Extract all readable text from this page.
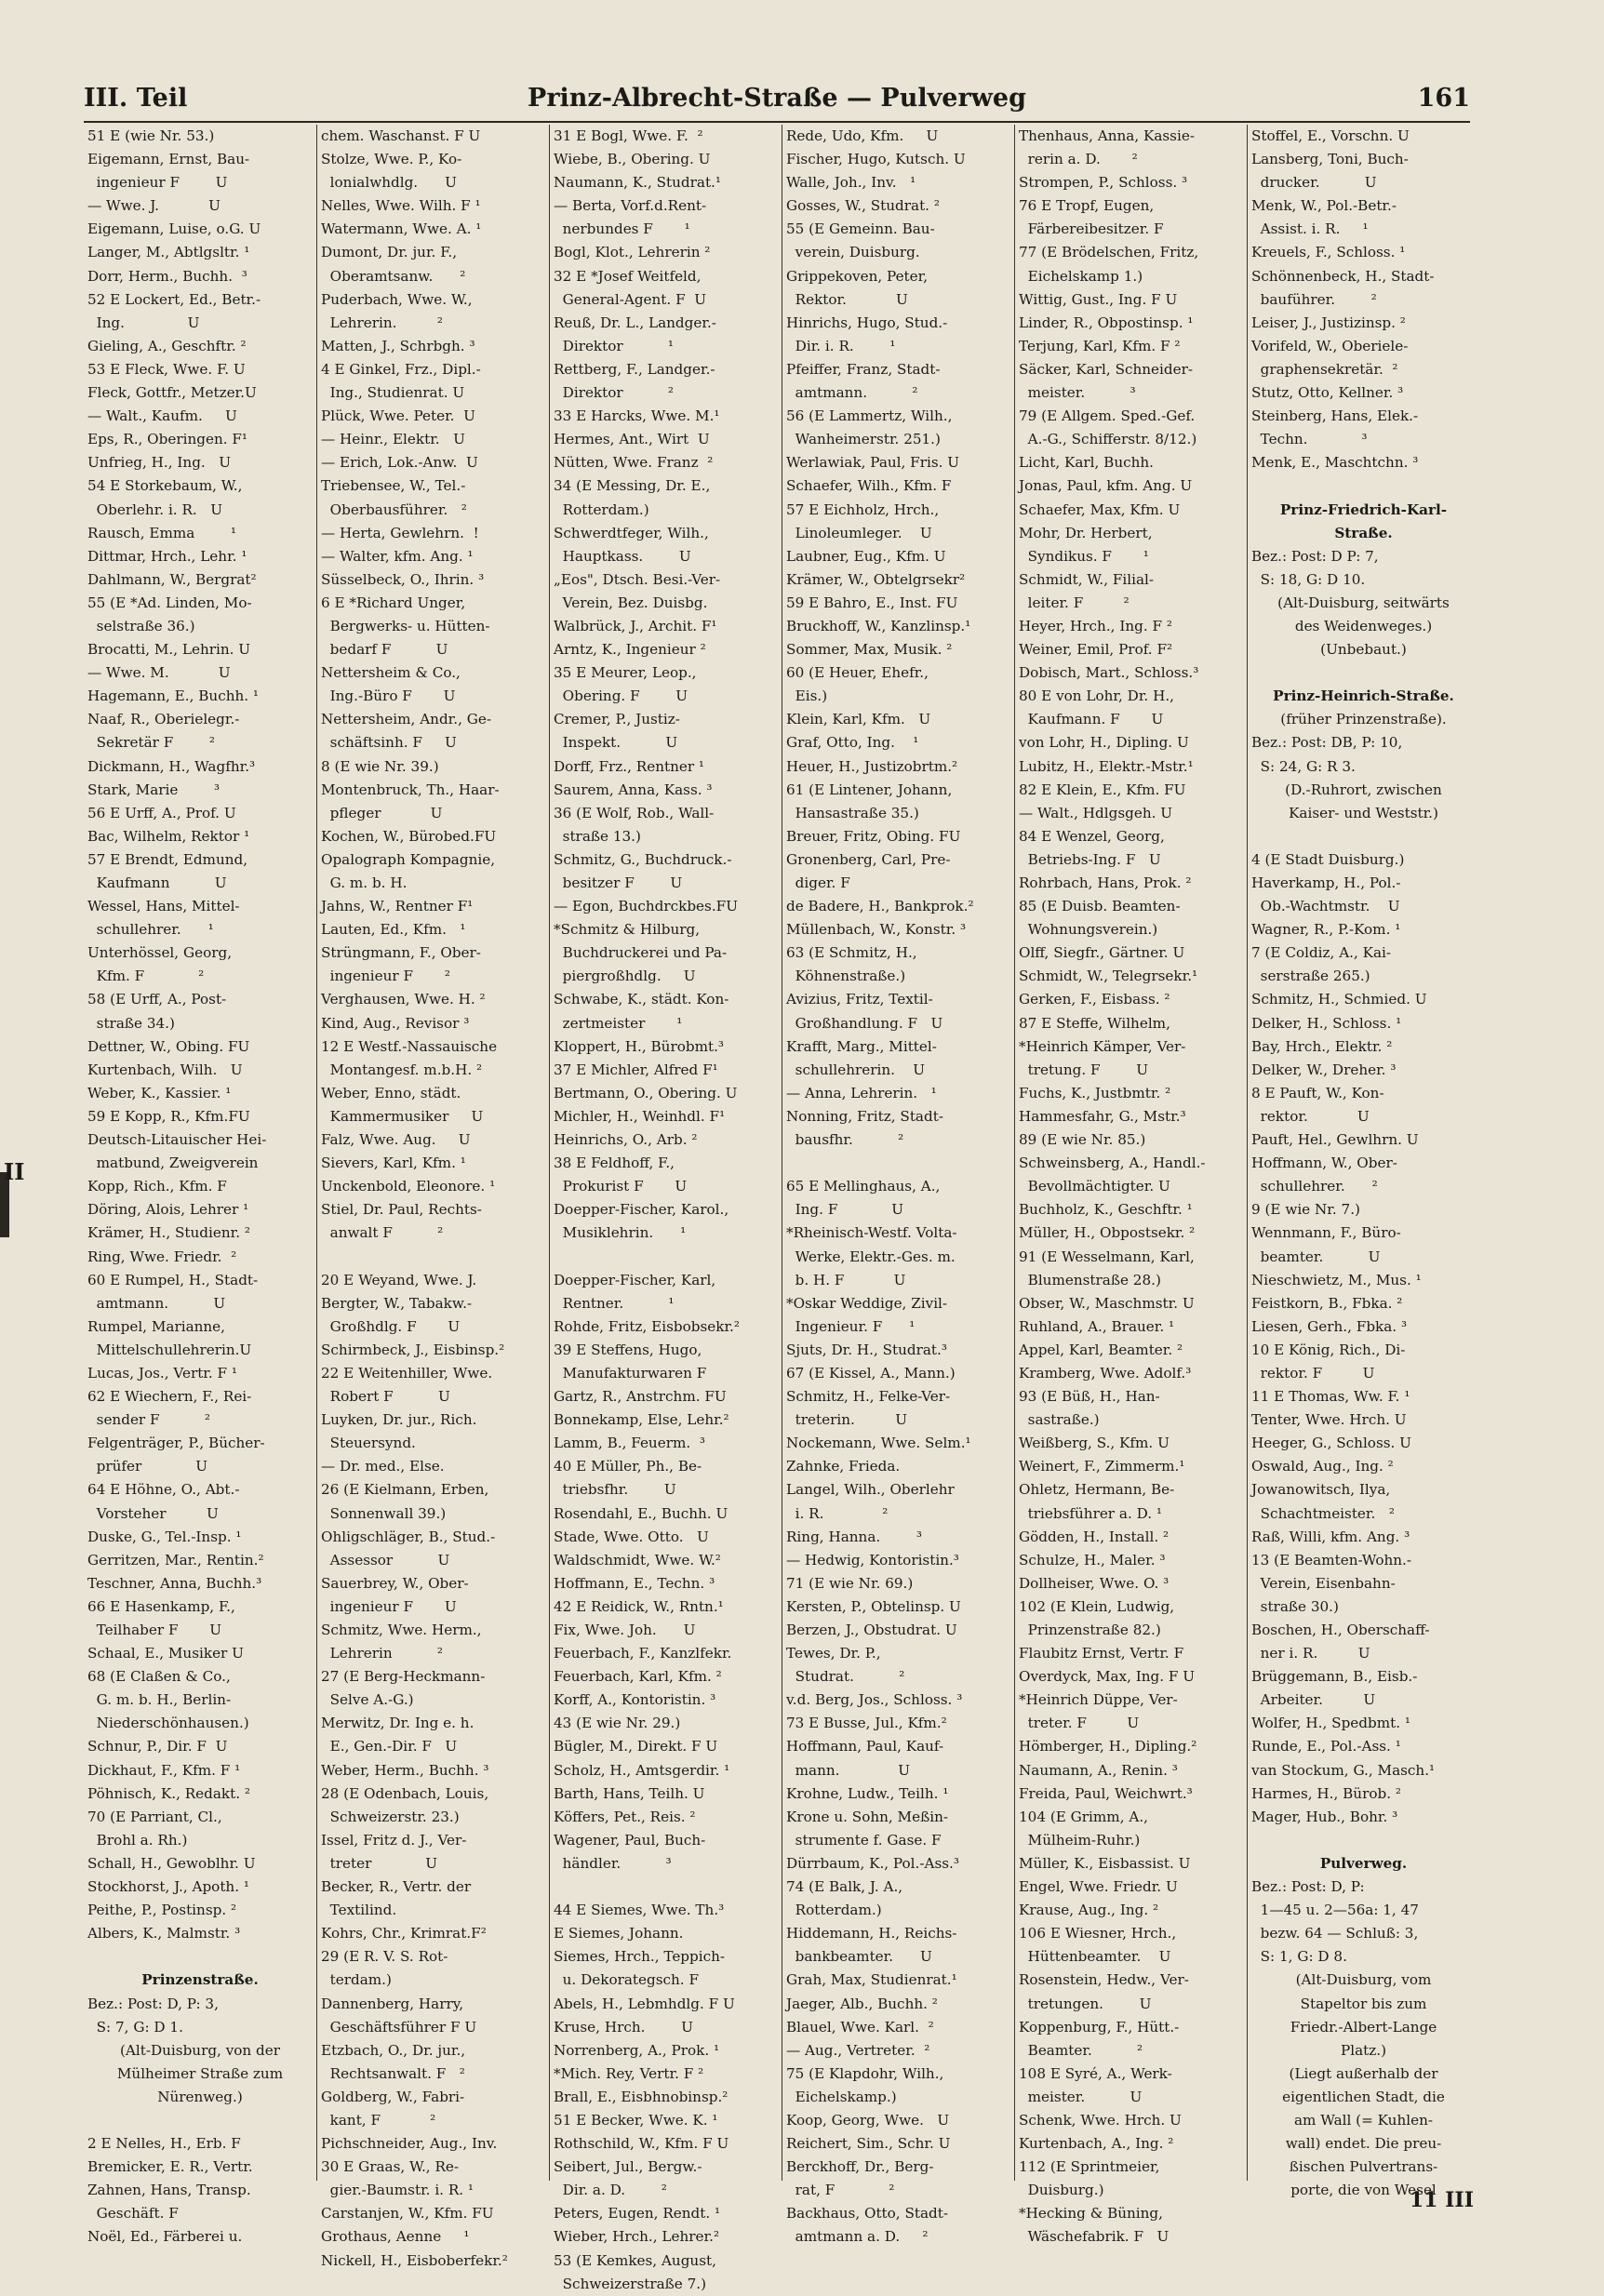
III. Teil	Prinz-Albrecht-Straße — Pulverweg	161
II
51 E (wie Nr. 53.)
Eigemann, Ernst, Bau-
ingenieur F        U
— Wwe. J.           U
Eigemann, Luise, o.G. U
Langer, M., Abtlgsltr. ¹
Dorr, Herm., Buchh.  ³
52 E Lockert, Ed., Betr.-
Ing.              U
Gieling, A., Geschftr. ²
53 E Fleck, Wwe. F. U
Fleck, Gottfr., Metzer.U
— Walt., Kaufm.     U
Eps, R., Oberingen. F¹
Unfrieg, H., Ing.   U
54 E Storkebaum, W.,
Oberlehr. i. R.   U
Rausch, Emma        ¹
Dittmar, Hrch., Lehr. ¹
Dahlmann, W., Bergrat²
55 (E *Ad. Linden, Mo-
selstraße 36.)
Brocatti, M., Lehrin. U
— Wwe. M.           U
Hagemann, E., Buchh. ¹
Naaf, R., Oberielegr.-
Sekretär F        ²
Dickmann, H., Wagfhr.³
Stark, Marie        ³
56 E Urff, A., Prof. U
Bac, Wilhelm, Rektor ¹
57 E Brendt, Edmund,
Kaufmann          U
Wessel, Hans, Mittel-
schullehrer.      ¹
Unterhössel, Georg,
Kfm. F            ²
58 (E Urff, A., Post-
straße 34.)
Dettner, W., Obing. FU
Kurtenbach, Wilh.   U
Weber, K., Kassier. ¹
59 E Kopp, R., Kfm.FU
Deutsch-Litauischer Hei-
matbund, Zweigverein
Kopp, Rich., Kfm. F
Döring, Alois, Lehrer ¹
Krämer, H., Studienr. ²
Ring, Wwe. Friedr.  ²
60 E Rumpel, H., Stadt-
amtmann.          U
Rumpel, Marianne,
Mittelschullehrerin.U
Lucas, Jos., Vertr. F ¹
62 E Wiechern, F., Rei-
sender F          ²
Felgenträger, P., Bücher-
prüfer            U
64 E Höhne, O., Abt.-
Vorsteher         U
Duske, G., Tel.-Insp. ¹
Gerritzen, Mar., Rentin.²
Teschner, Anna, Buchh.³
66 E Hasenkamp, F.,
Teilhaber F       U
Schaal, E., Musiker U
68 (E Claßen & Co.,
G. m. b. H., Berlin-
Niederschönhausen.)
Schnur, P., Dir. F  U
Dickhaut, F., Kfm. F ¹
Pöhnisch, K., Redakt. ²
70 (E Parriant, Cl.,
Brohl a. Rh.)
Schall, H., Gewoblhr. U
Stockhorst, J., Apoth. ¹
Peithe, P., Postinsp. ²
Albers, K., Malmstr. ³
Prinzenstraße.
Bez.: Post: D, P: 3,
S: 7, G: D 1.
(Alt-Duisburg, von der
Mülheimer Straße zum
Nürenweg.)
2 E Nelles, H., Erb. F
Bremicker, E. R., Vertr.
Zahnen, Hans, Transp.
Geschäft. F
Noël, Ed., Färberei u.
chem. Waschanst. F U
Stolze, Wwe. P., Ko-
lonialwhdlg.      U
Nelles, Wwe. Wilh. F ¹
Watermann, Wwe. A. ¹
Dumont, Dr. jur. F.,
Oberamtsanw.      ²
Puderbach, Wwe. W.,
Lehrerin.         ²
Matten, J., Schrbgh. ³
4 E Ginkel, Frz., Dipl.-
Ing., Studienrat. U
Plück, Wwe. Peter.  U
— Heinr., Elektr.   U
— Erich, Lok.-Anw.  U
Triebensee, W., Tel.-
Oberbausführer.   ²
— Herta, Gewlehrn.  !
— Walter, kfm. Ang. ¹
Süsselbeck, O., Ihrin. ³
6 E *Richard Unger,
Bergwerks- u. Hütten-
bedarf F          U
Nettersheim & Co.,
Ing.-Büro F       U
Nettersheim, Andr., Ge-
schäftsinh. F     U
8 (E wie Nr. 39.)
Montenbruck, Th., Haar-
pfleger           U
Kochen, W., Bürobed.FU
Opalograph Kompagnie,
G. m. b. H.
Jahns, W., Rentner F¹
Lauten, Ed., Kfm.   ¹
Strüngmann, F., Ober-
ingenieur F       ²
Verghausen, Wwe. H. ²
Kind, Aug., Revisor ³
12 E Westf.-Nassauische
Montangesf. m.b.H. ²
Weber, Enno, städt.
Kammermusiker     U
Falz, Wwe. Aug.     U
Sievers, Karl, Kfm. ¹
Unckenbold, Eleonore. ¹
Stiel, Dr. Paul, Rechts-
anwalt F          ²
20 E Weyand, Wwe. J.
Bergter, W., Tabakw.-
Großhdlg. F       U
Schirmbeck, J., Eisbinsp.²
22 E Weitenhiller, Wwe.
Robert F          U
Luyken, Dr. jur., Rich.
Steuersynd.
— Dr. med., Else.
26 (E Kielmann, Erben,
Sonnenwall 39.)
Ohligschläger, B., Stud.-
Assessor          U
Sauerbrey, W., Ober-
ingenieur F       U
Schmitz, Wwe. Herm.,
Lehrerin          ²
27 (E Berg-Heckmann-
Selve A.-G.)
Merwitz, Dr. Ing e. h.
E., Gen.-Dir. F   U
Weber, Herm., Buchh. ³
28 (E Odenbach, Louis,
Schweizerstr. 23.)
Issel, Fritz d. J., Ver-
treter            U
Becker, R., Vertr. der
Textilind.
Kohrs, Chr., Krimrat.F²
29 (E R. V. S. Rot-
terdam.)
Dannenberg, Harry,
Geschäftsführer F U
Etzbach, O., Dr. jur.,
Rechtsanwalt. F   ²
Goldberg, W., Fabri-
kant, F           ²
Pichschneider, Aug., Inv.
30 E Graas, W., Re-
gier.-Baumstr. i. R. ¹
Carstanjen, W., Kfm. FU
Grothaus, Aenne     ¹
Nickell, H., Eisboberfekr.²
31 E Bogl, Wwe. F.  ²
Wiebe, B., Obering. U
Naumann, K., Studrat.¹
— Berta, Vorf.d.Rent-
nerbundes F       ¹
Bogl, Klot., Lehrerin ²
32 E *Josef Weitfeld,
General-Agent. F  U
Reuß, Dr. L., Landger.-
Direktor          ¹
Rettberg, F., Landger.-
Direktor          ²
33 E Harcks, Wwe. M.¹
Hermes, Ant., Wirt  U
Nütten, Wwe. Franz  ²
34 (E Messing, Dr. E.,
Rotterdam.)
Schwerdtfeger, Wilh.,
Hauptkass.        U
„Eos", Dtsch. Besi.-Ver-
Verein, Bez. Duisbg.
Walbrück, J., Archit. F¹
Arntz, K., Ingenieur ²
35 E Meurer, Leop.,
Obering. F        U
Cremer, P., Justiz-
Inspekt.          U
Dorff, Frz., Rentner ¹
Saurem, Anna, Kass. ³
36 (E Wolf, Rob., Wall-
straße 13.)
Schmitz, G., Buchdruck.-
besitzer F        U
— Egon, Buchdrckbes.FU
*Schmitz & Hilburg,
Buchdruckerei und Pa-
piergroßhdlg.     U
Schwabe, K., städt. Kon-
zertmeister       ¹
Kloppert, H., Bürobmt.³
37 E Michler, Alfred F¹
Bertmann, O., Obering. U
Michler, H., Weinhdl. F¹
Heinrichs, O., Arb. ²
38 E Feldhoff, F.,
Prokurist F       U
Doepper-Fischer, Karol.,
Musiklehrin.      ¹
Doepper-Fischer, Karl,
Rentner.          ¹
Rohde, Fritz, Eisbobsekr.²
39 E Steffens, Hugo,
Manufakturwaren F
Gartz, R., Anstrchm. FU
Bonnekamp, Else, Lehr.²
Lamm, B., Feuerm.  ³
40 E Müller, Ph., Be-
triebsfhr.        U
Rosendahl, E., Buchh. U
Stade, Wwe. Otto.   U
Waldschmidt, Wwe. W.²
Hoffmann, E., Techn. ³
42 E Reidick, W., Rntn.¹
Fix, Wwe. Joh.      U
Feuerbach, F., Kanzlfekr.
Feuerbach, Karl, Kfm. ²
Korff, A., Kontoristin. ³
43 (E wie Nr. 29.)
Bügler, M., Direkt. F U
Scholz, H., Amtsgerdir. ¹
Barth, Hans, Teilh. U
Köffers, Pet., Reis. ²
Wagener, Paul, Buch-
händler.          ³
44 E Siemes, Wwe. Th.³
E Siemes, Johann.
Siemes, Hrch., Teppich-
u. Dekorategsch. F
Abels, H., Lebmhdlg. F U
Kruse, Hrch.        U
Norrenberg, A., Prok. ¹
*Mich. Rey, Vertr. F ²
Brall, E., Eisbhnobinsp.²
51 E Becker, Wwe. K. ¹
Rothschild, W., Kfm. F U
Seibert, Jul., Bergw.-
Dir. a. D.        ²
Peters, Eugen, Rendt. ¹
Wieber, Hrch., Lehrer.²
53 (E Kemkes, August,
Schweizerstraße 7.)
Rede, Udo, Kfm.     U
Fischer, Hugo, Kutsch. U
Walle, Joh., Inv.   ¹
Gosses, W., Studrat. ²
55 (E Gemeinn. Bau-
verein, Duisburg.
Grippekoven, Peter,
Rektor.           U
Hinrichs, Hugo, Stud.-
Dir. i. R.        ¹
Pfeiffer, Franz, Stadt-
amtmann.          ²
56 (E Lammertz, Wilh.,
Wanheimerstr. 251.)
Werlawiak, Paul, Fris. U
Schaefer, Wilh., Kfm. F
57 E Eichholz, Hrch.,
Linoleumleger.    U
Laubner, Eug., Kfm. U
Krämer, W., Obtelgrsekr²
59 E Bahro, E., Inst. FU
Bruckhoff, W., Kanzlinsp.¹
Sommer, Max, Musik. ²
60 (E Heuer, Ehefr.,
Eis.)
Klein, Karl, Kfm.   U
Graf, Otto, Ing.    ¹
Heuer, H., Justizobrtm.²
61 (E Lintener, Johann,
Hansastraße 35.)
Breuer, Fritz, Obing. FU
Gronenberg, Carl, Pre-
diger. F
de Badere, H., Bankprok.²
Müllenbach, W., Konstr. ³
63 (E Schmitz, H.,
Köhnenstraße.)
Avizius, Fritz, Textil-
Großhandlung. F   U
Krafft, Marg., Mittel-
schullehrerin.    U
— Anna, Lehrerin.   ¹
Nonning, Fritz, Stadt-
bausfhr.          ²
65 E Mellinghaus, A.,
Ing. F            U
*Rheinisch-Westf. Volta-
Werke, Elektr.-Ges. m.
b. H. F           U
*Oskar Weddige, Zivil-
Ingenieur. F      ¹
Sjuts, Dr. H., Studrat.³
67 (E Kissel, A., Mann.)
Schmitz, H., Felke-Ver-
treterin.         U
Nockemann, Wwe. Selm.¹
Zahnke, Frieda.
Langel, Wilh., Oberlehr
i. R.             ²
Ring, Hanna.        ³
— Hedwig, Kontoristin.³
71 (E wie Nr. 69.)
Kersten, P., Obtelinsp. U
Berzen, J., Obstudrat. U
Tewes, Dr. P.,
Studrat.          ²
v.d. Berg, Jos., Schloss. ³
73 E Busse, Jul., Kfm.²
Hoffmann, Paul, Kauf-
mann.             U
Krohne, Ludw., Teilh. ¹
Krone u. Sohn, Meßin-
strumente f. Gase. F
Dürrbaum, K., Pol.-Ass.³
74 (E Balk, J. A.,
Rotterdam.)
Hiddemann, H., Reichs-
bankbeamter.      U
Grah, Max, Studienrat.¹
Jaeger, Alb., Buchh. ²
Blauel, Wwe. Karl.  ²
— Aug., Vertreter.  ²
75 (E Klapdohr, Wilh.,
Eichelskamp.)
Koop, Georg, Wwe.   U
Reichert, Sim., Schr. U
Berckhoff, Dr., Berg-
rat, F            ²
Backhaus, Otto, Stadt-
amtmann a. D.     ²
Thenhaus, Anna, Kassie-
rerin a. D.       ²
Strompen, P., Schloss. ³
76 E Tropf, Eugen,
Färbereibesitzer. F
77 (E Brödelschen, Fritz,
Eichelskamp 1.)
Wittig, Gust., Ing. F U
Linder, R., Obpostinsp. ¹
Terjung, Karl, Kfm. F ²
Säcker, Karl, Schneider-
meister.          ³
79 (E Allgem. Sped.-Gef.
A.-G., Schifferstr. 8/12.)
Licht, Karl, Buchh.
Jonas, Paul, kfm. Ang. U
Schaefer, Max, Kfm. U
Mohr, Dr. Herbert,
Syndikus. F       ¹
Schmidt, W., Filial-
leiter. F         ²
Heyer, Hrch., Ing. F ²
Weiner, Emil, Prof. F²
Dobisch, Mart., Schloss.³
80 E von Lohr, Dr. H.,
Kaufmann. F       U
von Lohr, H., Dipling. U
Lubitz, H., Elektr.-Mstr.¹
82 E Klein, E., Kfm. FU
— Walt., Hdlgsgeh. U
84 E Wenzel, Georg,
Betriebs-Ing. F   U
Rohrbach, Hans, Prok. ²
85 (E Duisb. Beamten-
Wohnungsverein.)
Olff, Siegfr., Gärtner. U
Schmidt, W., Telegrsekr.¹
Gerken, F., Eisbass. ²
87 E Steffe, Wilhelm,
*Heinrich Kämper, Ver-
tretung. F        U
Fuchs, K., Justbmtr. ²
Hammesfahr, G., Mstr.³
89 (E wie Nr. 85.)
Schweinsberg, A., Handl.-
Bevollmächtigter. U
Buchholz, K., Geschftr. ¹
Müller, H., Obpostsekr. ²
91 (E Wesselmann, Karl,
Blumenstraße 28.)
Obser, W., Maschmstr. U
Ruhland, A., Brauer. ¹
Appel, Karl, Beamter. ²
Kramberg, Wwe. Adolf.³
93 (E Büß, H., Han-
sastraße.)
Weißberg, S., Kfm. U
Weinert, F., Zimmerm.¹
Ohletz, Hermann, Be-
triebsführer a. D. ¹
Gödden, H., Install. ²
Schulze, H., Maler. ³
Dollheiser, Wwe. O. ³
102 (E Klein, Ludwig,
Prinzenstraße 82.)
Flaubitz Ernst, Vertr. F
Overdyck, Max, Ing. F U
*Heinrich Düppe, Ver-
treter. F         U
Hömberger, H., Dipling.²
Naumann, A., Renin. ³
Freida, Paul, Weichwrt.³
104 (E Grimm, A.,
Mülheim-Ruhr.)
Müller, K., Eisbassist. U
Engel, Wwe. Friedr. U
Krause, Aug., Ing. ²
106 E Wiesner, Hrch.,
Hüttenbeamter.    U
Rosenstein, Hedw., Ver-
tretungen.        U
Koppenburg, F., Hütt.-
Beamter.          ²
108 E Syré, A., Werk-
meister.          U
Schenk, Wwe. Hrch. U
Kurtenbach, A., Ing. ²
112 (E Sprintmeier,
Duisburg.)
*Hecking & Büning,
Wäschefabrik. F   U
Stoffel, E., Vorschn. U
Lansberg, Toni, Buch-
drucker.          U
Menk, W., Pol.-Betr.-
Assist. i. R.     ¹
Kreuels, F., Schloss. ¹
Schönnenbeck, H., Stadt-
bauführer.        ²
Leiser, J., Justizinsp. ²
Vorifeld, W., Oberiele-
graphensekretär.  ²
Stutz, Otto, Kellner. ³
Steinberg, Hans, Elek.-
Techn.            ³
Menk, E., Maschtchn. ³
Prinz-Friedrich-Karl-
Straße.
Bez.: Post: D P: 7,
S: 18, G: D 10.
(Alt-Duisburg, seitwärts
des Weidenweges.)
(Unbebaut.)
Prinz-Heinrich-Straße.
(früher Prinzenstraße).
Bez.: Post: DB, P: 10,
S: 24, G: R 3.
(D.-Ruhrort, zwischen
Kaiser- und Weststr.)
4 (E Stadt Duisburg.)
Haverkamp, H., Pol.-
Ob.-Wachtmstr.    U
Wagner, R., P.-Kom. ¹
7 (E Coldiz, A., Kai-
serstraße 265.)
Schmitz, H., Schmied. U
Delker, H., Schloss. ¹
Bay, Hrch., Elektr. ²
Delker, W., Dreher. ³
8 E Pauft, W., Kon-
rektor.           U
Pauft, Hel., Gewlhrn. U
Hoffmann, W., Ober-
schullehrer.      ²
9 (E wie Nr. 7.)
Wennmann, F., Büro-
beamter.          U
Nieschwietz, M., Mus. ¹
Feistkorn, B., Fbka. ²
Liesen, Gerh., Fbka. ³
10 E König, Rich., Di-
rektor. F         U
11 E Thomas, Ww. F. ¹
Tenter, Wwe. Hrch. U
Heeger, G., Schloss. U
Oswald, Aug., Ing. ²
Jowanowitsch, Ilya,
Schachtmeister.   ²
Raß, Willi, kfm. Ang. ³
13 (E Beamten-Wohn.-
Verein, Eisenbahn-
straße 30.)
Boschen, H., Oberschaff-
ner i. R.         U
Brüggemann, B., Eisb.-
Arbeiter.         U
Wolfer, H., Spedbmt. ¹
Runde, E., Pol.-Ass. ¹
van Stockum, G., Masch.¹
Harmes, H., Bürob. ²
Mager, Hub., Bohr. ³
Pulverweg.
Bez.: Post: D, P:
1—45 u. 2—56a: 1, 47
bezw. 64 — Schluß: 3,
S: 1, G: D 8.
(Alt-Duisburg, vom
Stapeltor bis zum
Friedr.-Albert-Lange
Platz.)
(Liegt außerhalb der
eigentlichen Stadt, die
am Wall (= Kuhlen-
wall) endet. Die preu-
ßischen Pulvertrans-
porte, die von Wesel
11 III
